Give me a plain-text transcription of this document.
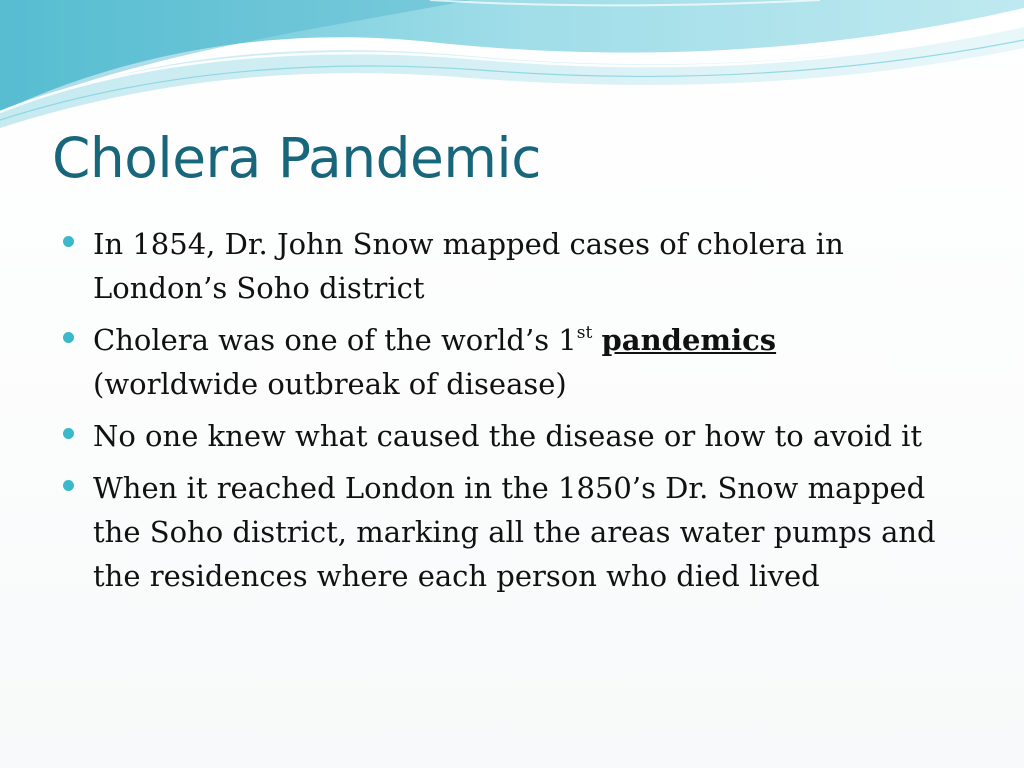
Cholera Pandemic
In 1854, Dr. John Snow mapped cases of cholera in London’s Soho district
Cholera was one of the world’s 1st pandemics
(worldwide outbreak of disease)
No one knew what caused the disease or how to avoid it
When it reached London in the 1850’s Dr. Snow mapped the Soho district, marking all the areas water pumps and the residences where each person who died lived
